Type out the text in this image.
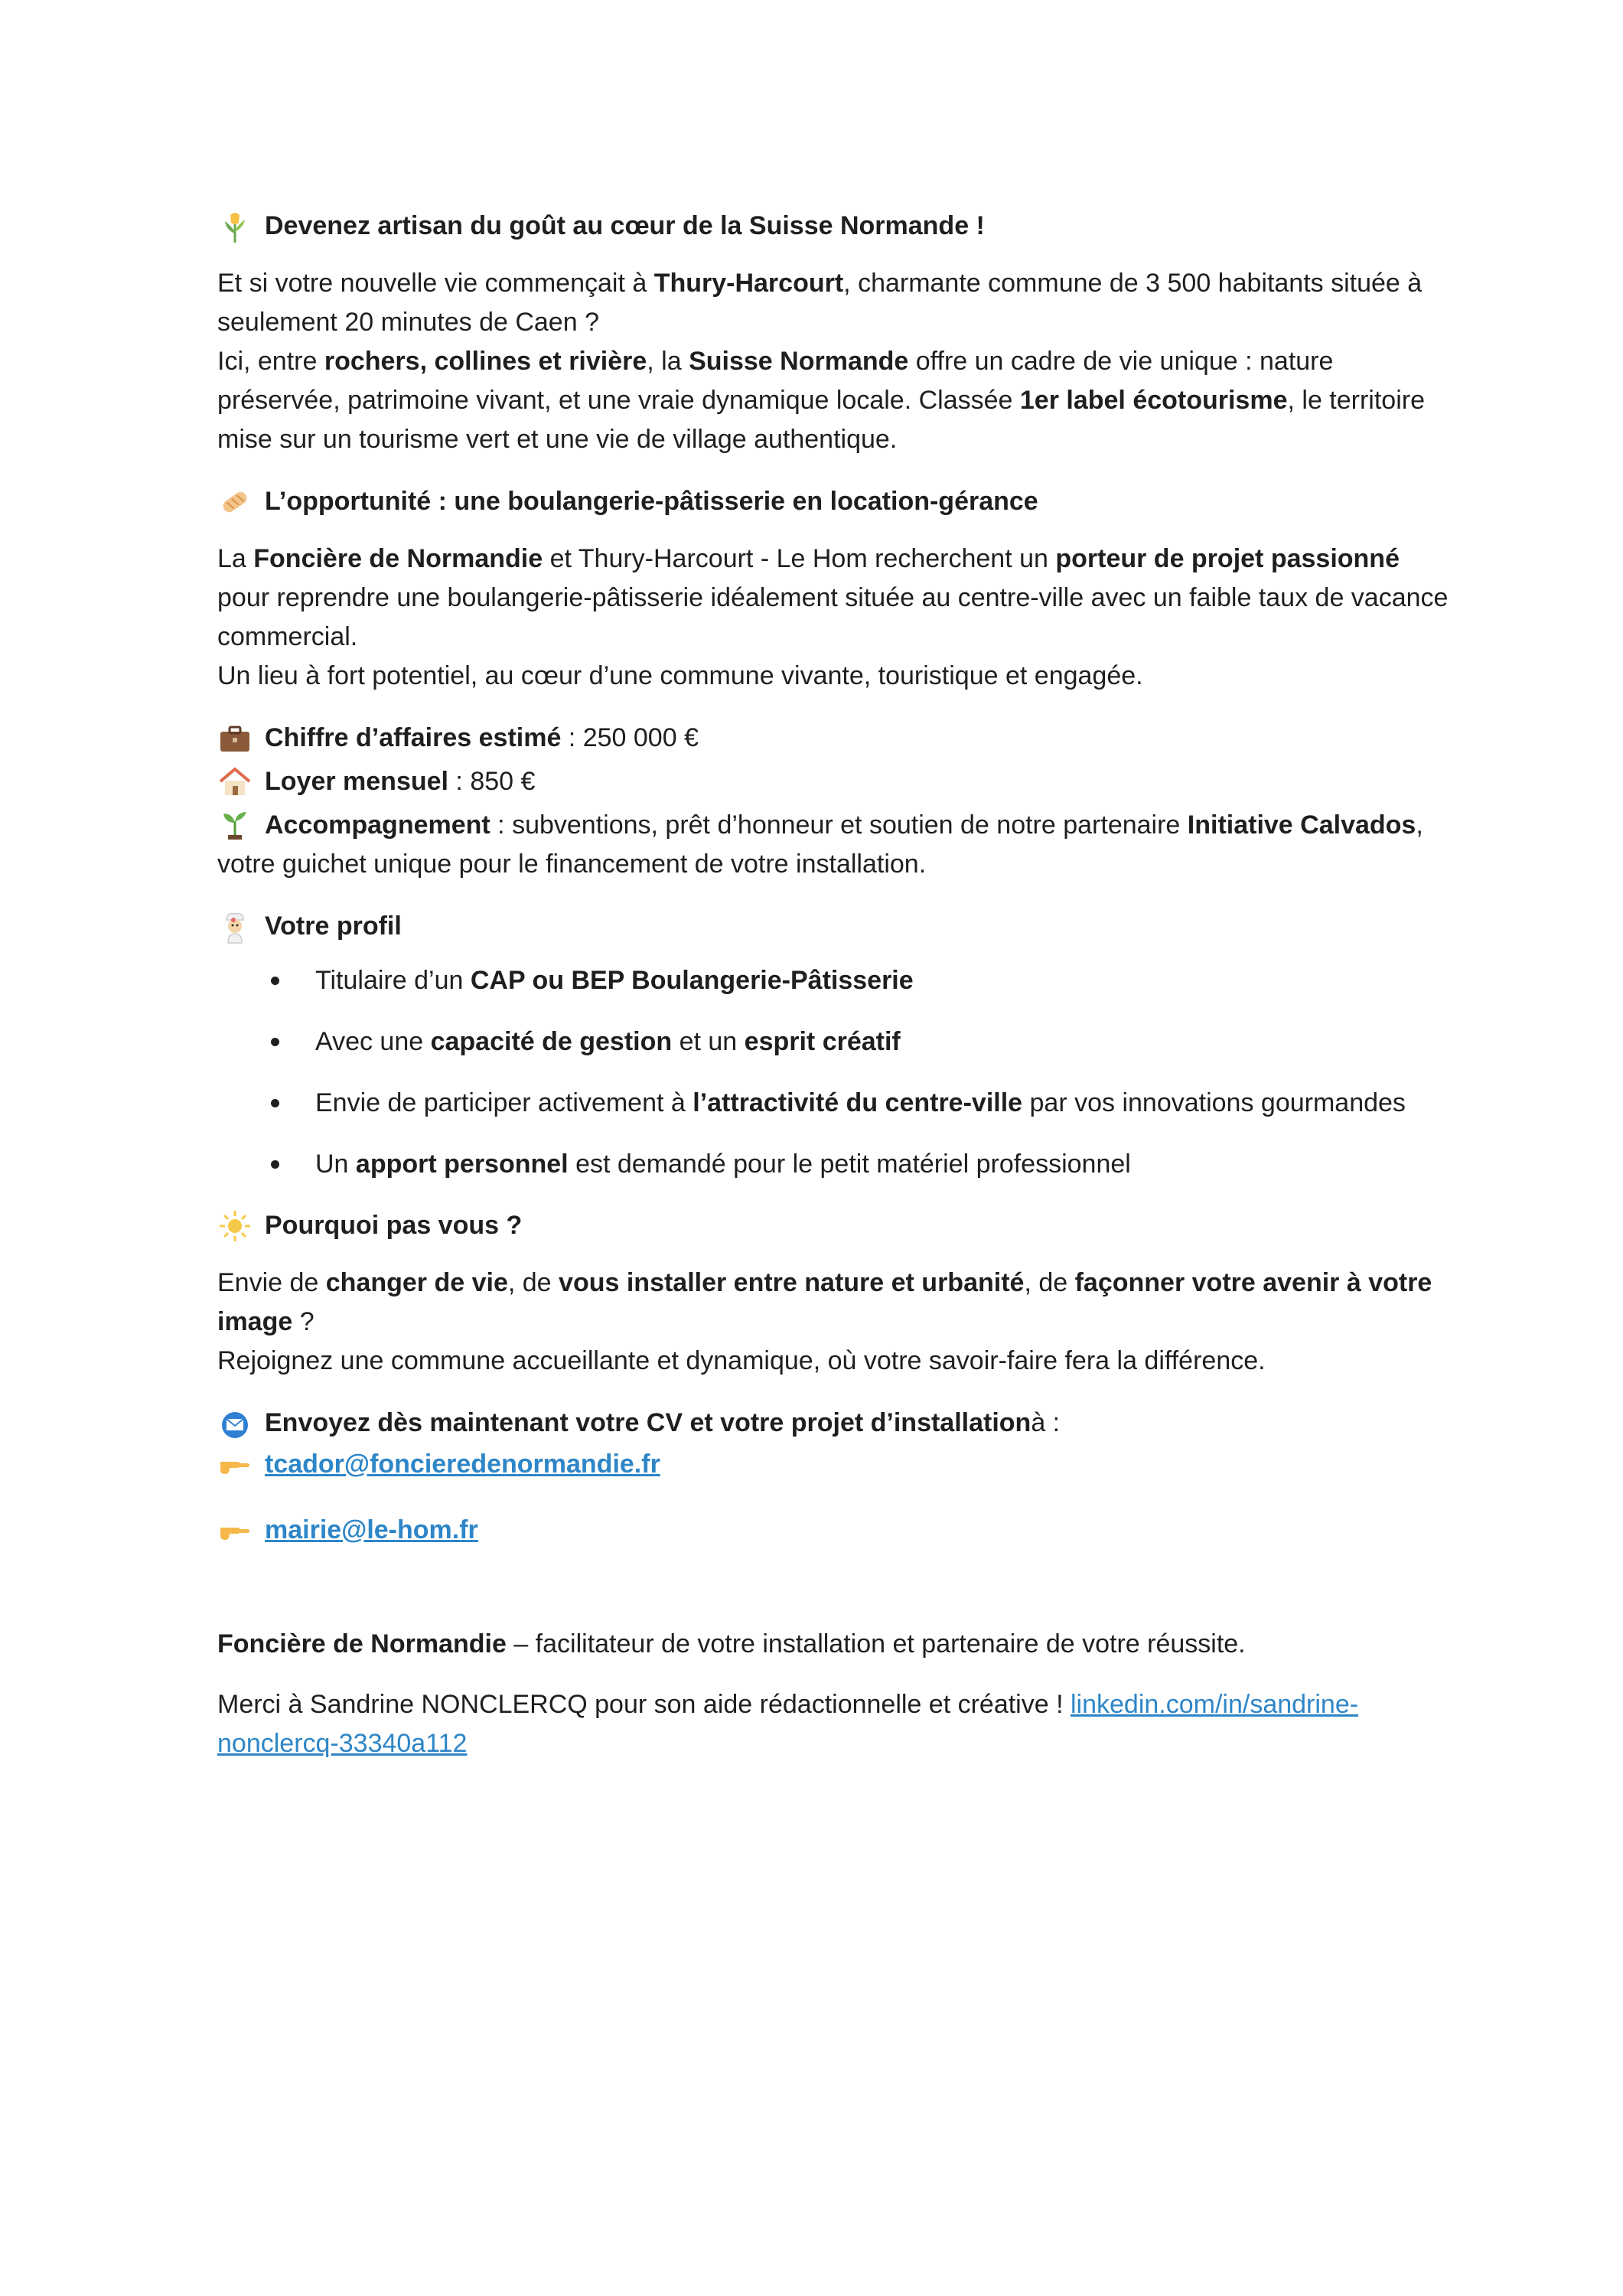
Devenez artisan du goût au cœur de la Suisse Normande !

Et si votre nouvelle vie commençait à Thury-Harcourt, charmante commune de 3 500 habitants située à seulement 20 minutes de Caen ?

Ici, entre rochers, collines et rivière, la Suisse Normande offre un cadre de vie unique : nature préservée, patrimoine vivant, et une vraie dynamique locale. Classée 1er label écotourisme, le territoire mise sur un tourisme vert et une vie de village authentique.

L’opportunité : une boulangerie-pâtisserie en location-gérance

La Foncière de Normandie et Thury-Harcourt - Le Hom recherchent un porteur de projet passionné pour reprendre une boulangerie-pâtisserie idéalement située au centre-ville avec un faible taux de vacance commercial.

Un lieu à fort potentiel, au cœur d’une commune vivante, touristique et engagée.

Chiffre d’affaires estimé : 250 000 €
Loyer mensuel : 850 €

Accompagnement : subventions, prêt d’honneur et soutien de notre partenaire Initiative Calvados, votre guichet unique pour le financement de votre installation.

Votre profil
Titulaire d’un CAP ou BEP Boulangerie-Pâtisserie
Avec une capacité de gestion et un esprit créatif
Envie de participer activement à l’attractivité du centre-ville par vos innovations gourmandes
Un apport personnel est demandé pour le petit matériel professionnel
Pourquoi pas vous ?

Envie de changer de vie, de vous installer entre nature et urbanité, de façonner votre avenir à votre image ?

Rejoignez une commune accueillante et dynamique, où votre savoir-faire fera la différence.

Envoyez dès maintenant votre CV et votre projet d’installation à :
tcador@foncieredenormandie.fr
mairie@le-hom.fr

Foncière de Normandie – facilitateur de votre installation et partenaire de votre réussite.

Merci à Sandrine NONCLERCQ pour son aide rédactionnelle et créative ! linkedin.com/in/sandrine-nonclercq-33340a112
